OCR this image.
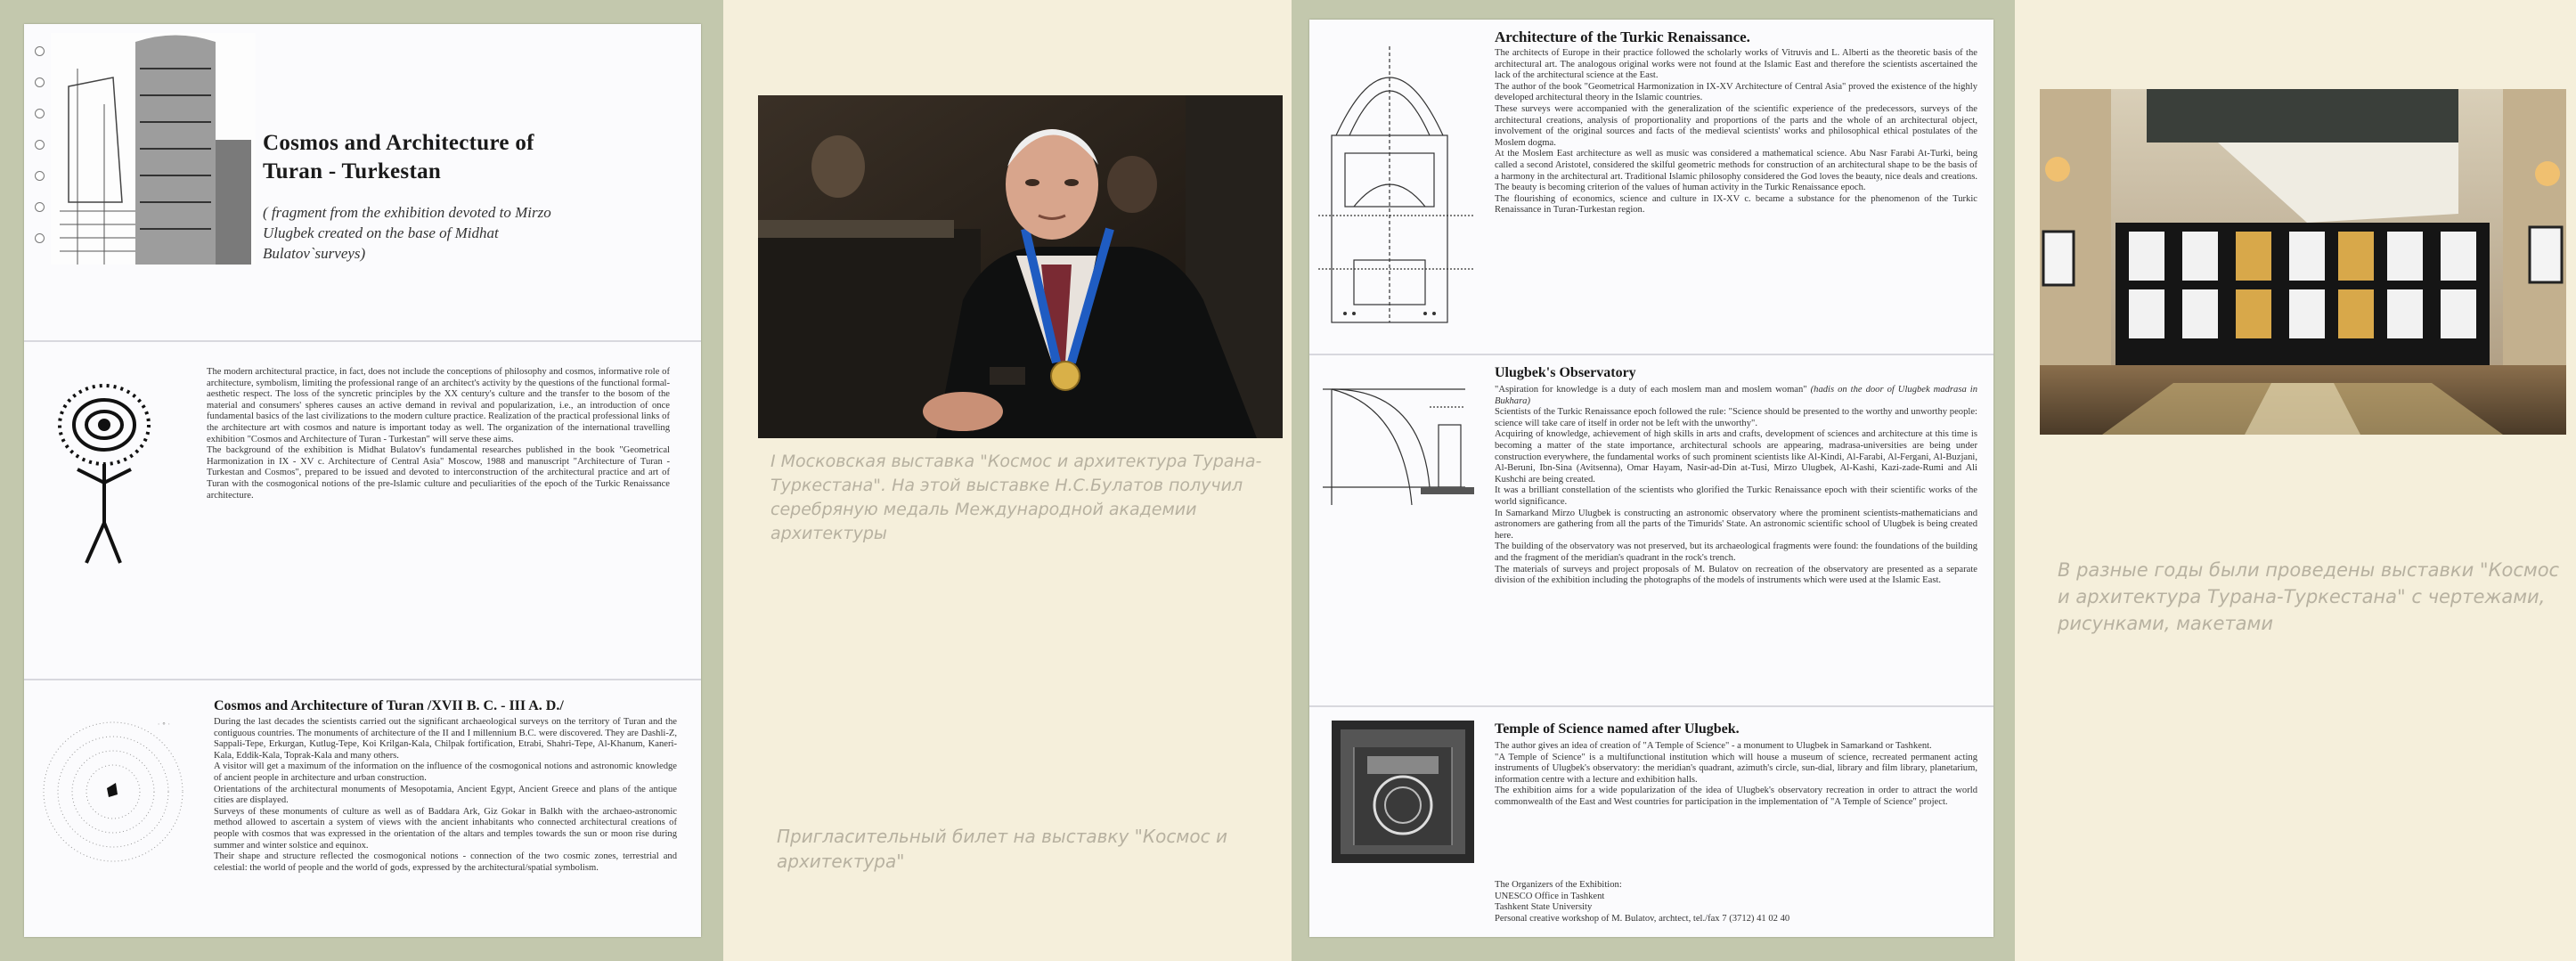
Cosmos and Architecture of Turan - Turkestan
( fragment from the exhibition devoted to Mirzo Ulugbek created on the base of Midhat Bulatov`surveys)

The modern architectural practice, in fact, does not include the conceptions of philosophy and cosmos, informative role of architecture, symbolism, limiting the professional range of an architect's activity by the questions of the functional formal-aesthetic respect. The loss of the syncretic principles by the XX century's culture and the transfer to the bosom of the material and consumers' spheres causes an active demand in revival and popularization, i.e., an introduction of once fundamental basics of the last civilizations to the modern culture practice. Realization of the practical professional links of the architecture art with cosmos and nature is important today as well. The organization of the international travelling exhibition "Cosmos and Architecture of Turan - Turkestan" will serve these aims.

The background of the exhibition is Midhat Bulatov's fundamental researches published in the book "Geometrical Harmonization in IX - XV c. Architecture of Central Asia" Moscow, 1988 and manuscript "Architecture of Turan - Turkestan and Cosmos", prepared to be issued and devoted to interconstruction of the architectural practice and art of Turan with the cosmogonical notions of the pre-Islamic culture and peculiarities of the epoch of the Turkic Renaissance architecture.

∙ ∘ ∙
Cosmos and Architecture of Turan /XVII B. C. - III A. D./

During the last decades the scientists carried out the significant archaeological surveys on the territory of Turan and the contiguous countries. The monuments of architecture of the II and I millennium B.C. were discovered. They are Dashli-Z, Sappali-Tepe, Erkurgan, Kutlug-Tepe, Koi Krilgan-Kala, Chilpak fortification, Etrabi, Shahri-Tepe, Al-Khanum, Kaneri-Kala, Eddik-Kala, Toprak-Kala and many others.

A visitor will get a maximum of the information on the influence of the cosmogonical notions and astronomic knowledge of ancient people in architecture and urban construction.

Orientations of the architectural monuments of Mesopotamia, Ancient Egypt, Ancient Greece and plans of the antique cities are displayed.

Surveys of these monuments of culture as well as of Baddara Ark, Giz Gokar in Balkh with the archaeo-astronomic method allowed to ascertain a system of views with the ancient inhabitants who connected architectural creations of people with cosmos that was expressed in the orientation of the altars and temples towards the sun or moon rise during summer and winter solstice and equinox.

Their shape and structure reflected the cosmogonical notions - connection of the two cosmic zones, terrestrial and celestial: the world of people and the world of gods, expressed by the architectural/spatial symbolism.

I Московская выставка "Космос и архитектура Турана-Туркестана". На этой выставке Н.С.Булатов получил серебряную медаль Международной академии архитектуры
Пригласительный билет на выставку "Космос и архитектура"
Architecture of the Turkic Renaissance.

The architects of Europe in their practice followed the scholarly works of Vitruvis and L. Alberti as the theoretic basis of the architectural art. The analogous original works were not found at the Islamic East and therefore the scientists ascertained the lack of the architectural science at the East.

The author of the book "Geometrical Harmonization in IX-XV Architecture of Central Asia" proved the existence of the highly developed architectural theory in the Islamic countries.

These surveys were accompanied with the generalization of the scientific experience of the predecessors, surveys of the architectural creations, analysis of proportionality and proportions of the parts and the whole of an architectural object, involvement of the original sources and facts of the medieval scientists' works and philosophical ethical postulates of the Moslem dogma.

At the Moslem East architecture as well as music was considered a mathematical science. Abu Nasr Farabi At-Turki, being called a second Aristotel, considered the skilful geometric methods for construction of an architectural shape to be the basis of a harmony in the architectural art. Traditional Islamic philosophy considered the God loves the beauty, nice deals and creations. The beauty is becoming criterion of the values of human activity in the Turkic Renaissance epoch.

The flourishing of economics, science and culture in IX-XV c. became a substance for the phenomenon of the Turkic Renaissance in Turan-Turkestan region.

Ulugbek's Observatory

"Aspiration for knowledge is a duty of each moslem man and moslem woman" (hadis on the door of Ulugbek madrasa in Bukhara)

Scientists of the Turkic Renaissance epoch followed the rule: "Science should be presented to the worthy and unworthy people: science will take care of itself in order not be left with the unworthy".

Acquiring of knowledge, achievement of high skills in arts and crafts, development of sciences and architecture at this time is becoming a matter of the state importance, architectural schools are appearing, madrasa-universities are being under construction everywhere, the fundamental works of such prominent scientists like Al-Kindi, Al-Farabi, Al-Fergani, Al-Buzjani, Al-Beruni, Ibn-Sina (Avitsenna), Omar Hayam, Nasir-ad-Din at-Tusi, Mirzo Ulugbek, Al-Kashi, Kazi-zade-Rumi and Ali Kushchi are being created.

It was a brilliant constellation of the scientists who glorified the Turkic Renaissance epoch with their scientific works of the world significance.

In Samarkand Mirzo Ulugbek is constructing an astronomic observatory where the prominent scientists-mathematicians and astronomers are gathering from all the parts of the Timurids' State. An astronomic scientific school of Ulugbek is being created here.

The building of the observatory was not preserved, but its archaeological fragments were found: the foundations of the building and the fragment of the meridian's quadrant in the rock's trench.

The materials of surveys and project proposals of M. Bulatov on recreation of the observatory are presented as a separate division of the exhibition including the photographs of the models of instruments which were used at the Islamic East.

Temple of Science named after Ulugbek.

The author gives an idea of creation of "A Temple of Science" - a monument to Ulugbek in Samarkand or Tashkent.

"A Temple of Science" is a multifunctional institution which will house a museum of science, recreated permanent acting instruments of Ulugbek's observatory: the meridian's quadrant, azimuth's circle, sun-dial, library and film library, planetarium, information centre with a lecture and exhibition halls.

The exhibition aims for a wide popularization of the idea of Ulugbek's observatory recreation in order to attract the world commonwealth of the East and West countries for participation in the implementation of "A Temple of Science" project.

The Organizers of the Exhibition:

UNESCO Office in Tashkent

Tashkent State University

Personal creative workshop of M. Bulatov, archtect, tel./fax 7 (3712) 41 02 40

В разные годы были проведены выставки "Космос и архитектура Турана-Туркестана" с чертежами, рисунками, макетами
